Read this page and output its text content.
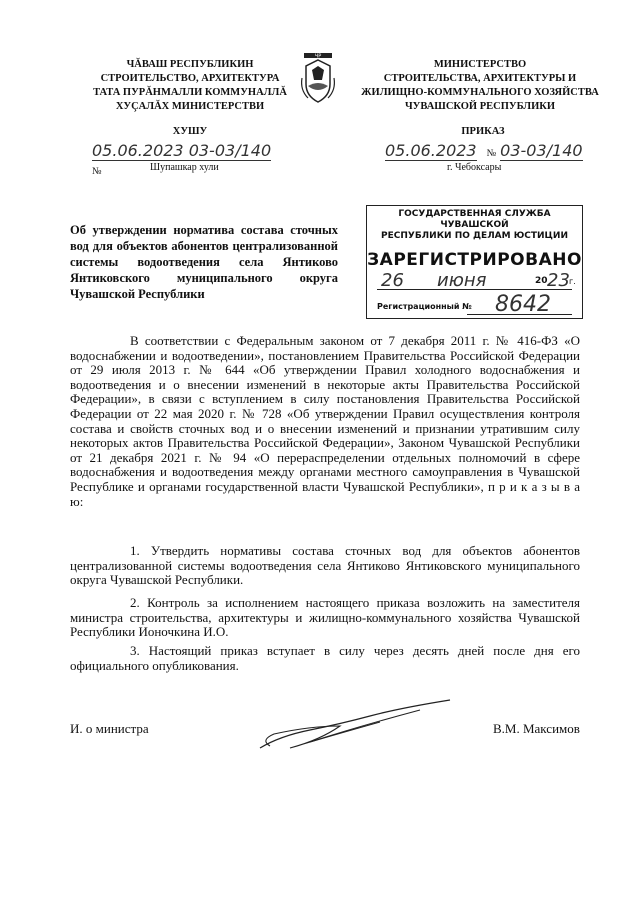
ЧĂВАШ РЕСПУБЛИКИН
СТРОИТЕЛЬСТВО, АРХИТЕКТУРА
ТАТА ПУРĂНМАЛЛИ КОММУНАЛЛĂ
ХУÇАЛĂХ МИНИСТЕРСТВИ
ЧР
МИНИСТЕРСТВО
СТРОИТЕЛЬСТВА, АРХИТЕКТУРЫ И
ЖИЛИЩНО-КОММУНАЛЬНОГО ХОЗЯЙСТВА
ЧУВАШСКОЙ РЕСПУБЛИКИ
ХУШУ	ПРИКАЗ
05.06.2023 03-03/140 №	Шупашкар хули
05.06.2023 № 03-03/140
г. Чебоксары
Об утверждении норматива состава сточных вод для объектов абонентов централизованной системы водоотведения села Янтиково Янтиковского муниципального округа Чувашской Республики
ГОСУДАРСТВЕННАЯ СЛУЖБА ЧУВАШСКОЙ
РЕСПУБЛИКИ ПО ДЕЛАМ ЮСТИЦИИ
ЗАРЕГИСТРИРОВАНО
26 июня	20 23 г.
Регистрационный № 8642
В соответствии с Федеральным законом от 7 декабря 2011 г. № 416-ФЗ «О водоснабжении и водоотведении», постановлением Правительства Российской Федерации от 29 июля 2013 г. № 644 «Об утверждении Правил холодного водоснабжения и водоотведения и о внесении изменений в некоторые акты Правительства Российской Федерации», в связи с вступлением в силу постановления Правительства Российской Федерации от 22 мая 2020 г. № 728 «Об утверждении Правил осуществления контроля состава и свойств сточных вод и о внесении изменений и признании утратившим силу некоторых актов Правительства Российской Федерации», Законом Чувашской Республики от 21 декабря 2021 г. № 94 «О перераспределении отдельных полномочий в сфере водоснабжения и водоотведения между органами местного самоуправления в Чувашской Республике и органами государственной власти Чувашской Республики», п р и к а з ы в а ю:
1. Утвердить нормативы состава сточных вод для объектов абонентов централизованной системы водоотведения села Янтиково Янтиковского муниципального округа Чувашской Республики.
2. Контроль за исполнением настоящего приказа возложить на заместителя министра строительства, архитектуры и жилищно-коммунального хозяйства Чувашской Республики Ионочкина И.О.
3. Настоящий приказ вступает в силу через десять дней после дня его официального опубликования.
И. о министра	В.М. Максимов
